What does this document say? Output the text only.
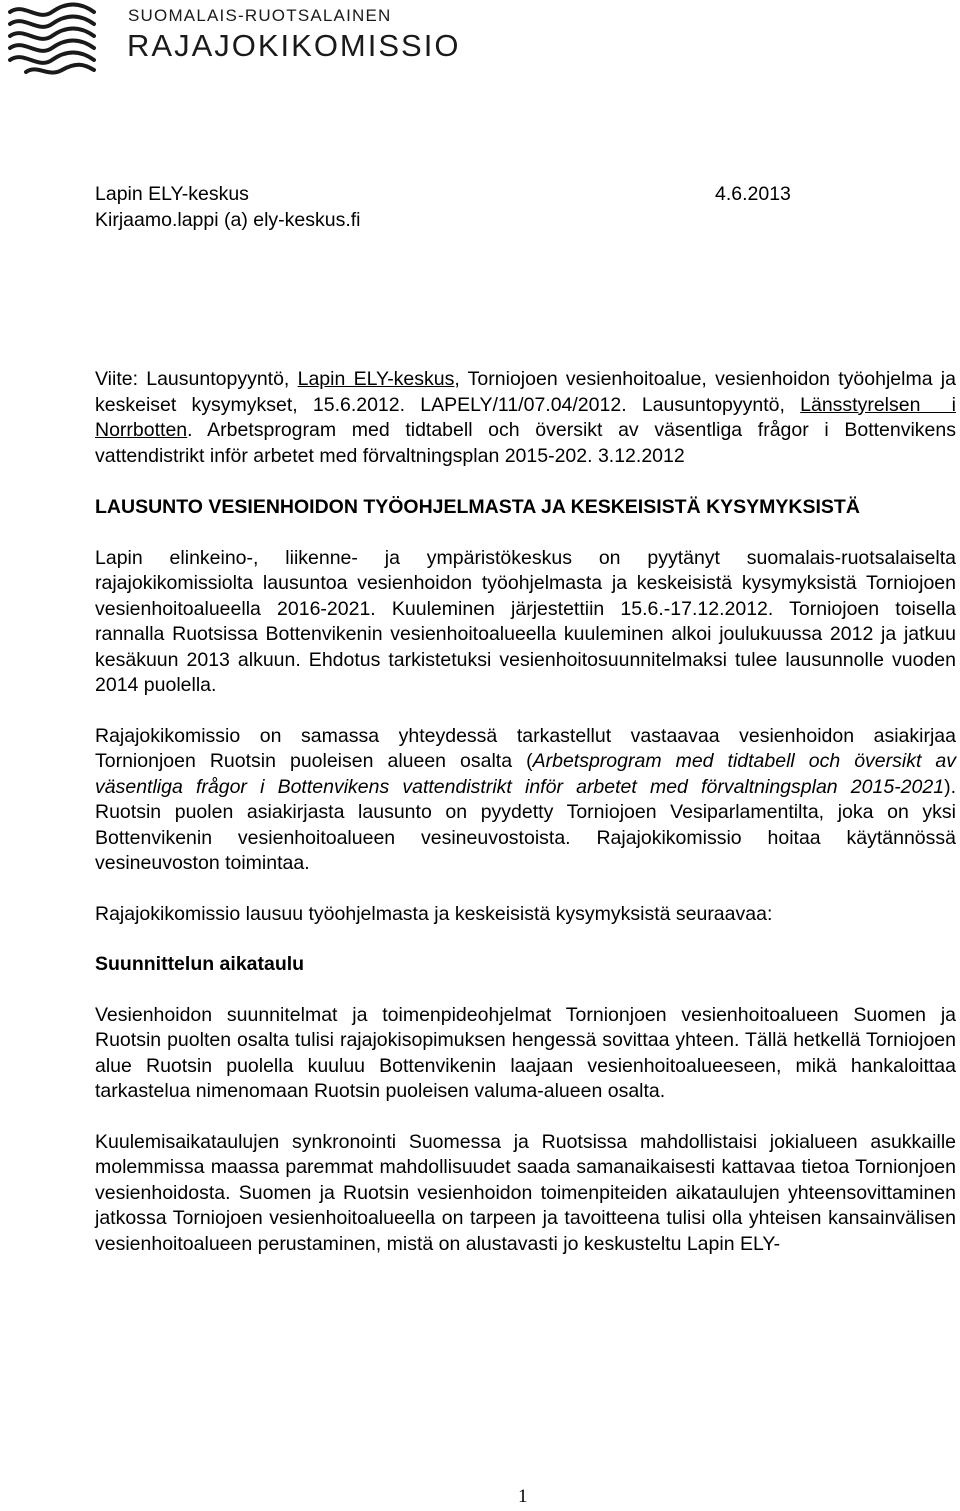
SUOMALAIS-RUOTSALAINEN
RAJAJOKIKOMISSIO
Lapin ELY-keskus	4.6.2013
Kirjaamo.lappi (a) ely-keskus.fi

Viite: Lausuntopyyntö, Lapin ELY-keskus, Torniojoen vesienhoitoalue, vesienhoidon työohjelma ja keskeiset kysymykset, 15.6.2012. LAPELY/11/07.04/2012. Lausuntopyyntö, Länsstyrelsen i Norrbotten. Arbetsprogram med tidtabell och översikt av väsentliga frågor i Bottenvikens vattendistrikt inför arbetet med förvaltningsplan 2015-202. 3.12.2012

LAUSUNTO VESIENHOIDON TYÖOHJELMASTA JA KESKEISISTÄ KYSYMYKSISTÄ

Lapin elinkeino-, liikenne- ja ympäristökeskus on pyytänyt suomalais-ruotsalaiselta rajajokikomissiolta lausuntoa vesienhoidon työohjelmasta ja keskeisistä kysymyksistä Torniojoen vesienhoitoalueella 2016-2021. Kuuleminen järjestettiin 15.6.-17.12.2012. Torniojoen toisella rannalla Ruotsissa Bottenvikenin vesienhoitoalueella kuuleminen alkoi joulukuussa 2012 ja jatkuu kesäkuun 2013 alkuun. Ehdotus tarkistetuksi vesienhoitosuunnitelmaksi tulee lausunnolle vuoden 2014 puolella.

Rajajokikomissio on samassa yhteydessä tarkastellut vastaavaa vesienhoidon asiakirjaa Tornionjoen Ruotsin puoleisen alueen osalta (Arbetsprogram med tidtabell och översikt av väsentliga frågor i Bottenvikens vattendistrikt inför arbetet med förvaltningsplan 2015-2021). Ruotsin puolen asiakirjasta lausunto on pyydetty Torniojoen Vesiparlamentilta, joka on yksi Bottenvikenin vesienhoitoalueen vesineuvostoista. Rajajokikomissio hoitaa käytännössä vesineuvoston toimintaa.

Rajajokikomissio lausuu työohjelmasta ja keskeisistä kysymyksistä seuraavaa:

Suunnittelun aikataulu

Vesienhoidon suunnitelmat ja toimenpideohjelmat Tornionjoen vesienhoitoalueen Suomen ja Ruotsin puolten osalta tulisi rajajokisopimuksen hengessä sovittaa yhteen. Tällä hetkellä Torniojoen alue Ruotsin puolella kuuluu Bottenvikenin laajaan vesienhoitoalueeseen, mikä hankaloittaa tarkastelua nimenomaan Ruotsin puoleisen valuma-alueen osalta.

Kuulemisaikataulujen synkronointi Suomessa ja Ruotsissa mahdollistaisi jokialueen asukkaille molemmissa maassa paremmat mahdollisuudet saada samanaikaisesti kattavaa tietoa Tornionjoen vesienhoidosta. Suomen ja Ruotsin vesienhoidon toimenpiteiden aikataulujen yhteensovittaminen jatkossa Torniojoen vesienhoitoalueella on tarpeen ja tavoitteena tulisi olla yhteisen kansainvälisen vesienhoitoalueen perustaminen, mistä on alustavasti jo keskusteltu Lapin ELY-

1
